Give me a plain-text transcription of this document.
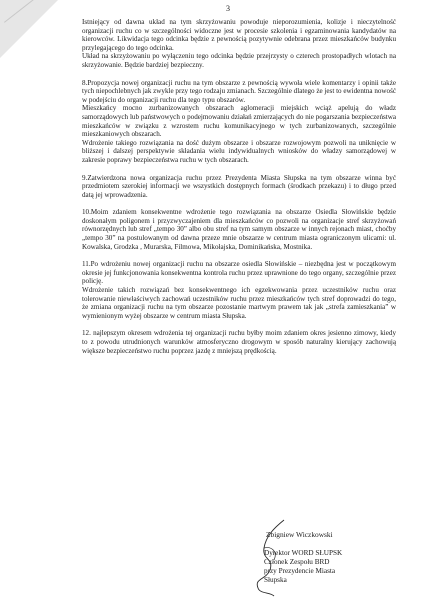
3

Istniejący od dawna układ na tym skrzyżowaniu powoduje nieporozumienia, kolizje i nieczytelność organizacji ruchu co w szczególności widoczne jest w procesie szkolenia i egzaminowania kandydatów na kierowców. Likwidacja tego odcinka będzie z pewnością pozytywnie odebrana przez mieszkańców budynku przylegającego do tego odcinka.

Układ na skrzyżowaniu po wyłączeniu tego odcinka będzie przejrzysty o czterech prostopadłych wlotach na skrzyżowanie. Będzie bardziej bezpieczny.

8.Propozycja nowej organizacji ruchu na tym obszarze z pewnością wywoła wiele komentarzy i opinii także tych niepochlebnych jak zwykle przy tego rodzaju zmianach. Szczególnie dlatego że jest to ewidentna nowość w podejściu do organizacji ruchu dla tego typu obszarów.

Mieszkańcy mocno zurbanizowanych obszarach aglomeracji miejskich wciąż apelują do władz samorządowych lub państwowych o podejmowaniu działań zmierzających do nie pogarszania bezpieczeństwa mieszkańców w związku z wzrostem ruchu komunikacyjnego w tych zurbanizowanych, szczególnie mieszkaniowych obszarach.

Wdrożenie takiego rozwiązania na dość dużym obszarze i obszarze rozwojowym pozwoli na uniknięcie w bliższej i dalszej perspektywie składania wielu indywidualnych wniosków do władzy samorządowej w zakresie poprawy bezpieczeństwa ruchu w tych obszarach.

9.Zatwierdzona nowa organizacja ruchu przez Prezydenta Miasta Słupska na tym obszarze winna być przedmiotem szerokiej informacji we wszystkich dostępnych formach (środkach przekazu) i to długo przed datą jej wprowadzenia.

10.Moim zdaniem konsekwentne wdrożenie tego rozwiązania na obszarze Osiedla Słowińskie będzie doskonałym poligonem i przyzwyczajeniem dla mieszkańców co pozwoli na organizacje stref skrzyżowań równorzędnych lub stref „tempo 30” albo obu stref na tym samym obszarze w innych rejonach miast, choćby „tempo 30” na postulowanym od dawna przeze mnie obszarze w centrum miasta ograniczonym ulicami: ul. Kowalska, Grodzka , Murarska, Filmowa, Mikołajska, Dominikańska, Mostnika.

11.Po wdrożeniu nowej organizacji ruchu na obszarze osiedla Słowińskie – niezbędna jest w początkowym okresie jej funkcjonowania konsekwentna kontrola ruchu przez uprawnione do tego organy, szczególnie przez policję.

Wdrożenie takich rozwiązań bez konsekwentnego ich egzekwowania przez uczestników ruchu oraz tolerowanie niewłaściwych zachowań uczestników ruchu przez mieszkańców tych stref doprowadzi do tego, że zmiana organizacji ruchu na tym obszarze pozostanie martwym prawem tak jak „strefa zamieszkania” w wymienionym wyżej obszarze w centrum miasta Słupska.

12. najlepszym okresem wdrożenia tej organizacji ruchu byłby moim zdaniem okres jesienno zimowy, kiedy to z powodu utrudnionych warunków atmosferyczno drogowym w sposób naturalny kierujący zachowują większe bezpieczeństwo ruchu poprzez jazdę z mniejszą prędkością.

Zbigniew Wiczkowski
Dyrektor WORD SŁUPSK
Członek Zespołu BRD
przy Prezydencie Miasta
Słupska
